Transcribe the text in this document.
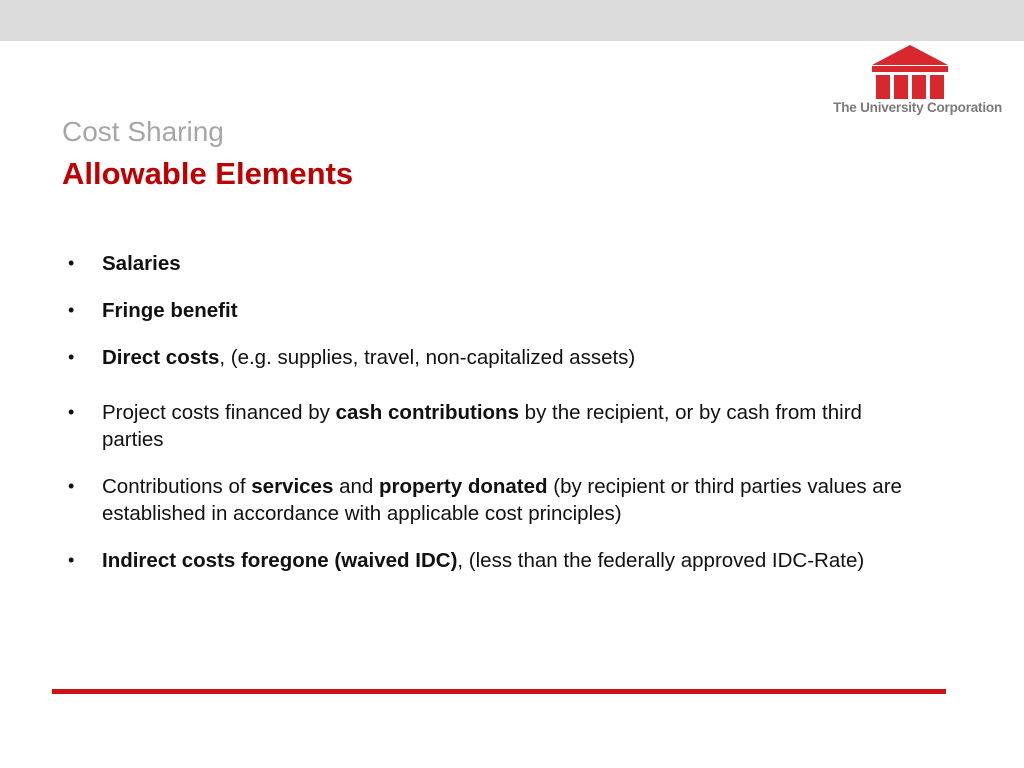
The University Corporation
Cost Sharing
Allowable Elements
• Salaries
• Fringe benefit
• Direct costs, (e.g. supplies, travel, non-capitalized assets)
• Project costs financed by cash contributions by the recipient, or by cash from third parties
• Contributions of services and property donated (by recipient or third parties values are established in accordance with applicable cost principles)
• Indirect costs foregone (waived IDC), (less than the federally approved IDC-Rate)
